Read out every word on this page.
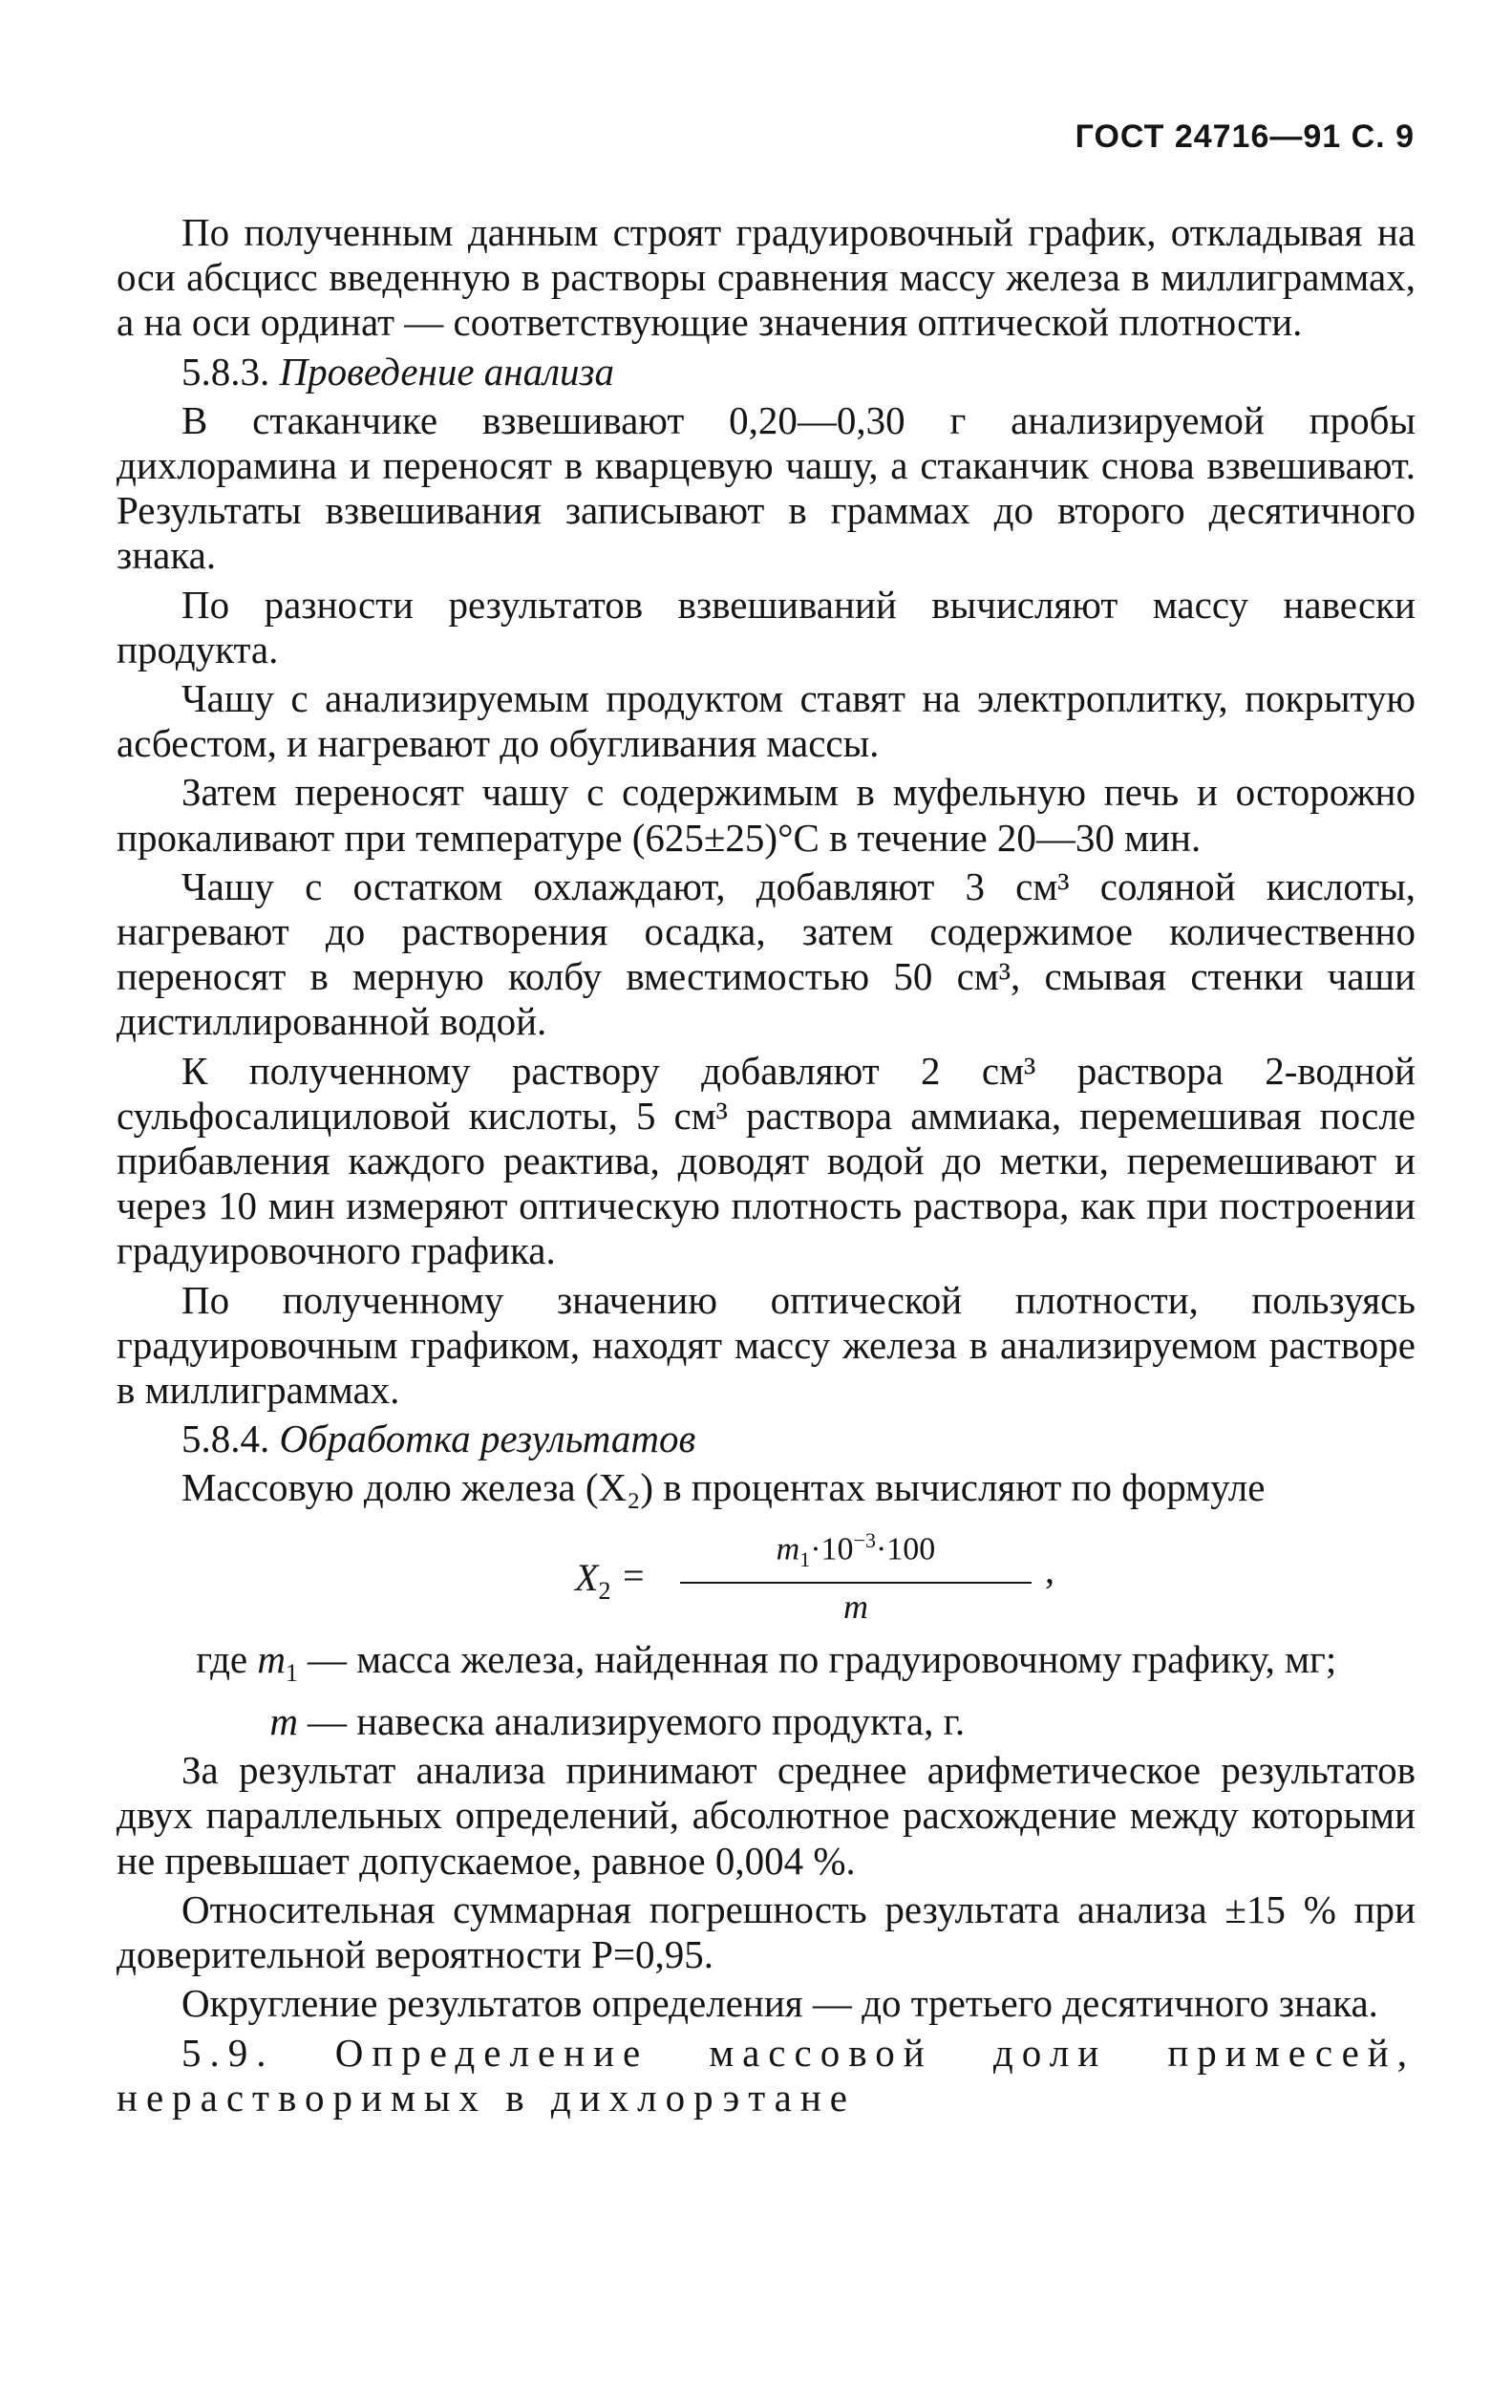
ГОСТ 24716—91 С. 9

По полученным данным строят градуировочный график, откладывая на оси абсцисс введенную в растворы сравнения массу железа в миллиграммах, а на оси ординат — соответствующие значения оптической плотности.

5.8.3. Проведение анализа

В стаканчике взвешивают 0,20—0,30 г анализируемой пробы дихлорамина и переносят в кварцевую чашу, а стаканчик снова взвешивают. Результаты взвешивания записывают в граммах до второго десятичного знака.

По разности результатов взвешиваний вычисляют массу навески продукта.

Чашу с анализируемым продуктом ставят на электроплитку, покрытую асбестом, и нагревают до обугливания массы.

Затем переносят чашу с содержимым в муфельную печь и осторожно прокаливают при температуре (625±25)°С в течение 20—30 мин.

Чашу с остатком охлаждают, добавляют 3 см³ соляной кислоты, нагревают до растворения осадка, затем содержимое количественно переносят в мерную колбу вместимостью 50 см³, смывая стенки чаши дистиллированной водой.

К полученному раствору добавляют 2 см³ раствора 2-водной сульфосалициловой кислоты, 5 см³ раствора аммиака, перемешивая после прибавления каждого реактива, доводят водой до метки, перемешивают и через 10 мин измеряют оптическую плотность раствора, как при построении градуировочного графика.

По полученному значению оптической плотности, пользуясь градуировочным графиком, находят массу железа в анализируемом растворе в миллиграммах.

5.8.4. Обработка результатов

Массовую долю железа (X₂) в процентах вычисляют по формуле

$X_2$ =
$m_1\cdot 10^{-3}\cdot 100$
m
,
где $m_1$ — масса железа, найденная по градуировочному графику, мг;
m — навеска анализируемого продукта, г.

За результат анализа принимают среднее арифметическое результатов двух параллельных определений, абсолютное расхождение между которыми не превышает допускаемое, равное 0,004 %.

Относительная суммарная погрешность результата анализа ±15 % при доверительной вероятности P=0,95.

Округление результатов определения — до третьего десятичного знака.

5.9. Определение массовой доли примесей, нерастворимых в дихлорэтане
